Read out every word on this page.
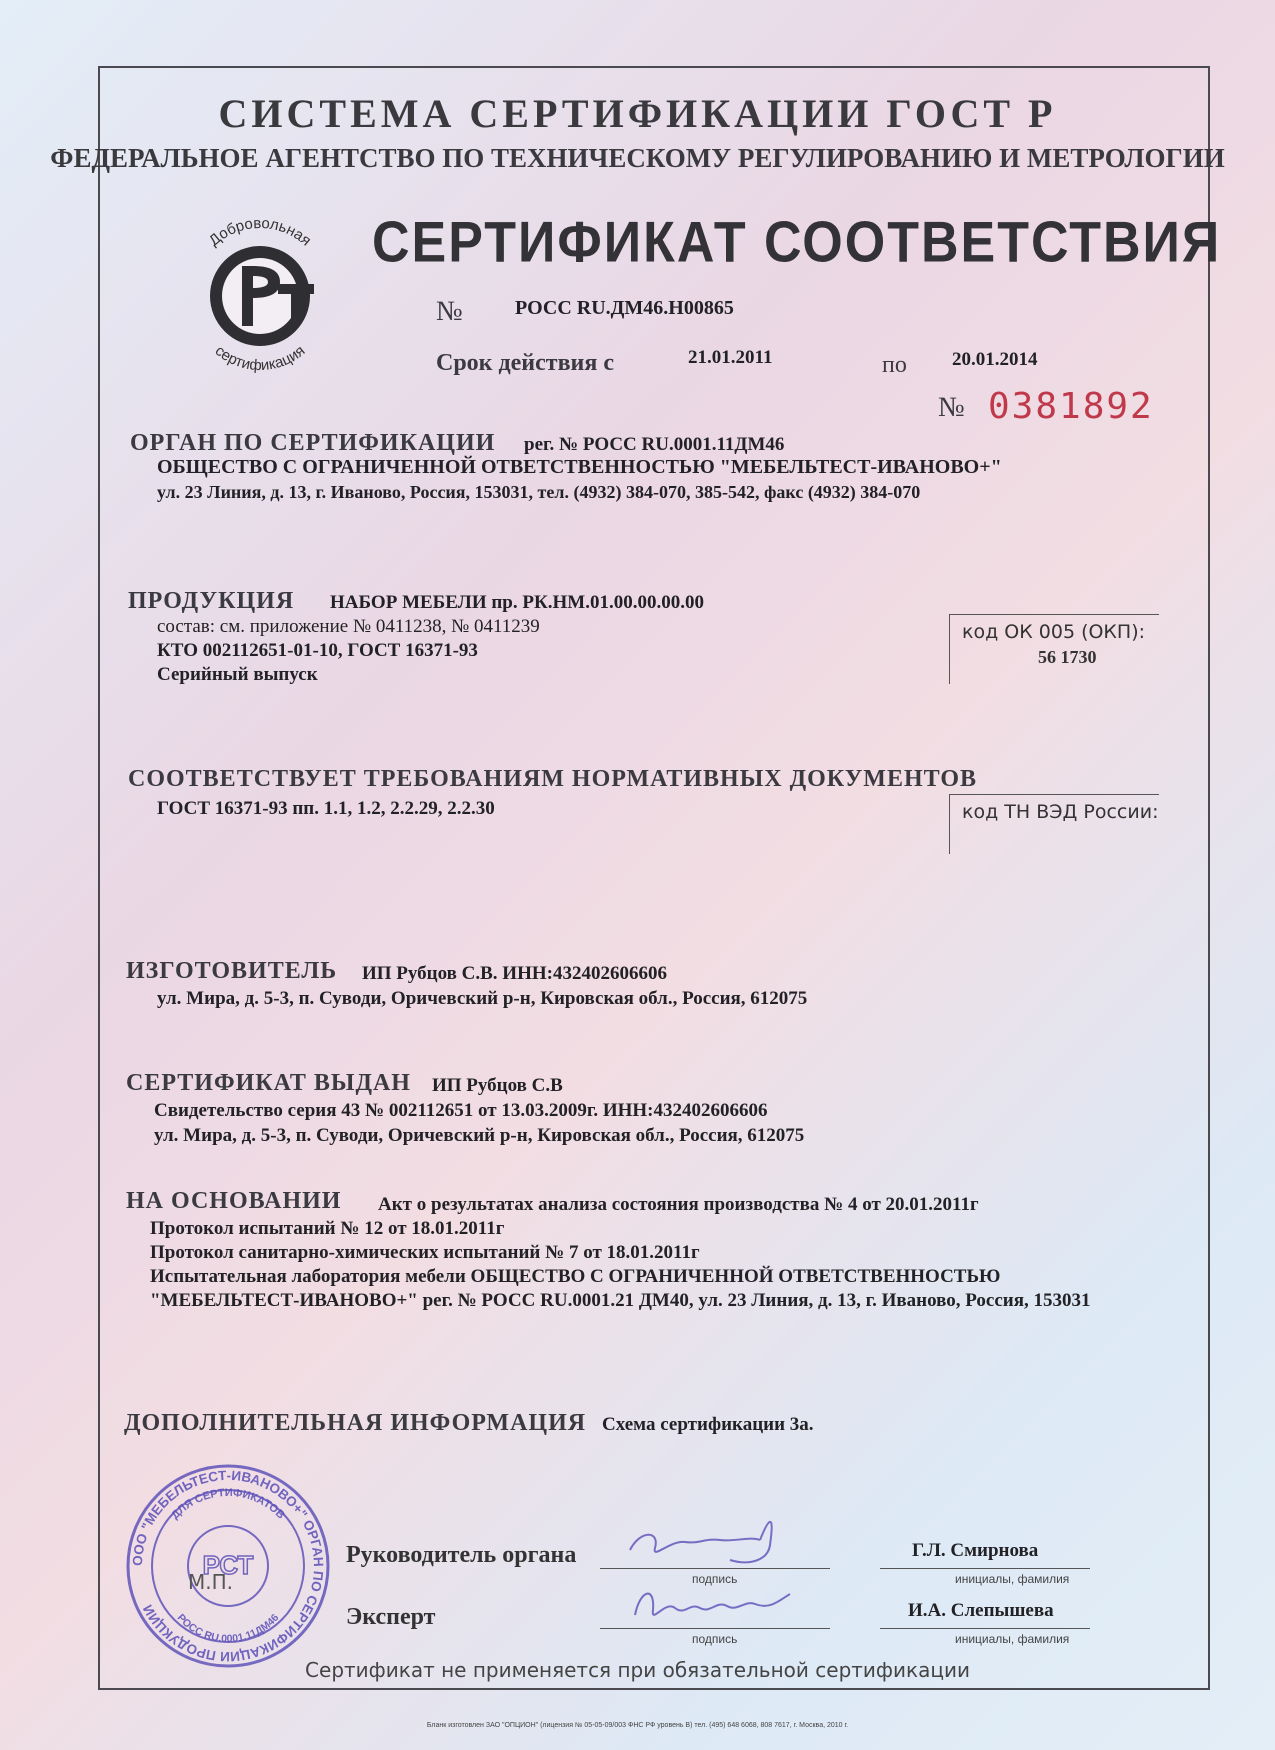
СИСТЕМА СЕРТИФИКАЦИИ ГОСТ Р
ФЕДЕРАЛЬНОЕ АГЕНТСТВО ПО ТЕХНИЧЕСКОМУ РЕГУЛИРОВАНИЮ И МЕТРОЛОГИИ
Добровольная
сертификация
СЕРТИФИКАТ СООТВЕТСТВИЯ
№	РОСС RU.ДМ46.Н00865
Срок действия с	21.01.2011	по 20.01.2014
№ 0381892
ОРГАН ПО СЕРТИФИКАЦИИ рег. № РОСС RU.0001.11ДМ46
ОБЩЕСТВО С ОГРАНИЧЕННОЙ ОТВЕТСТВЕННОСТЬЮ "МЕБЕЛЬТЕСТ-ИВАНОВО+"
ул. 23 Линия, д. 13, г. Иваново, Россия, 153031, тел. (4932) 384-070, 385-542, факс (4932) 384-070
ПРОДУКЦИЯ НАБОР МЕБЕЛИ пр. РК.НМ.01.00.00.00.00
состав: см. приложение № 0411238, № 0411239
КТО 002112651-01-10, ГОСТ 16371-93
Серийный выпуск
код ОК 005 (ОКП):
56 1730
СООТВЕТСТВУЕТ ТРЕБОВАНИЯМ НОРМАТИВНЫХ ДОКУМЕНТОВ
ГОСТ 16371-93 пп. 1.1, 1.2, 2.2.29, 2.2.30	код ТН ВЭД России:
ИЗГОТОВИТЕЛЬ ИП Рубцов С.В. ИНН:432402606606
ул. Мира, д. 5-3, п. Суводи, Оричевский р-н, Кировская обл., Россия, 612075
СЕРТИФИКАТ ВЫДАН ИП Рубцов С.В
Свидетельство серия 43 № 002112651 от 13.03.2009г. ИНН:432402606606
ул. Мира, д. 5-3, п. Суводи, Оричевский р-н, Кировская обл., Россия, 612075
НА ОСНОВАНИИ Акт о результатах анализа состояния производства № 4 от 20.01.2011г
Протокол испытаний № 12 от 18.01.2011г
Протокол санитарно-химических испытаний № 7 от 18.01.2011г
Испытательная лаборатория мебели ОБЩЕСТВО С ОГРАНИЧЕННОЙ ОТВЕТСТВЕННОСТЬЮ
"МЕБЕЛЬТЕСТ-ИВАНОВО+" рег. № РОСС RU.0001.21 ДМ40, ул. 23 Линия, д. 13, г. Иваново, Россия, 153031
ДОПОЛНИТЕЛЬНАЯ ИНФОРМАЦИЯ Схема сертификации 3а.
ООО "МЕБЕЛЬТЕСТ-ИВАНОВО+" ОРГАН ПО СЕРТИФИКАЦИИ ПРОДУКЦИИ
ДЛЯ СЕРТИФИКАТОВ
РОСС RU.0001.11ДМ46
РСТ
М.П.
Руководитель органа
подпись
Г.Л. Смирнова
инициалы, фамилия
Эксперт
подпись
И.А. Слепышева
инициалы, фамилия
Сертификат не применяется при обязательной сертификации
Бланк изготовлен ЗАО "ОПЦИОН" (лицензия № 05-05-09/003 ФНС РФ уровень В) тел. (495) 648 6068, 808 7617, г. Москва, 2010 г.
